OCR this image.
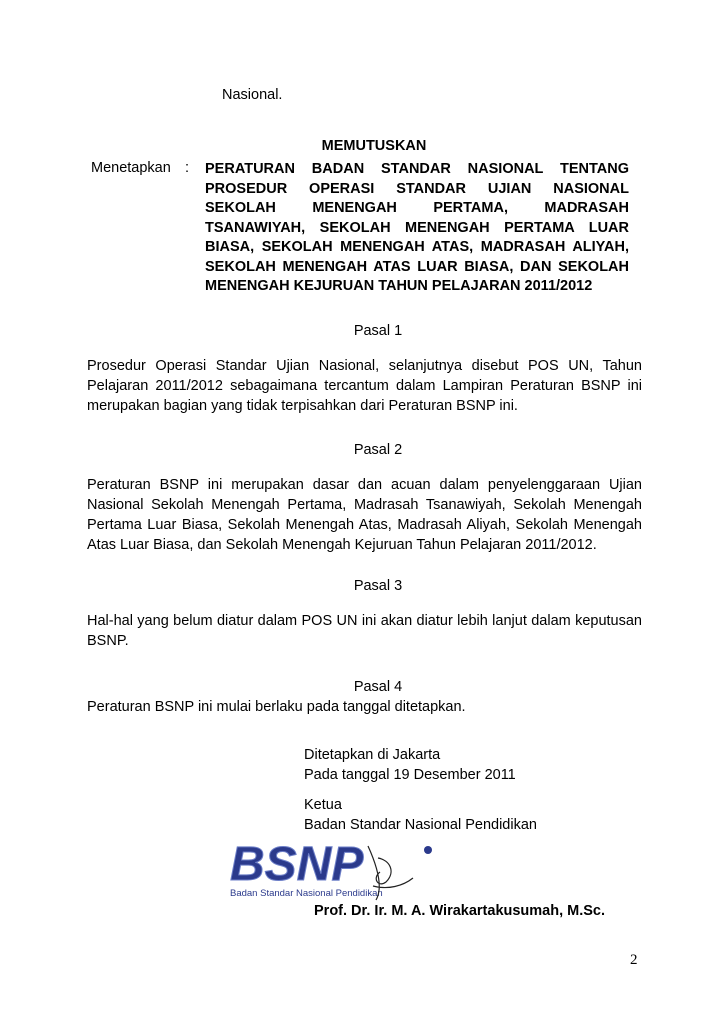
Nasional.
MEMUTUSKAN
Menetapkan : PERATURAN BADAN STANDAR NASIONAL TENTANG PROSEDUR OPERASI STANDAR UJIAN NASIONAL SEKOLAH MENENGAH PERTAMA, MADRASAH TSANAWIYAH, SEKOLAH MENENGAH PERTAMA LUAR BIASA, SEKOLAH MENENGAH ATAS, MADRASAH ALIYAH, SEKOLAH MENENGAH ATAS LUAR BIASA, DAN SEKOLAH MENENGAH KEJURUAN TAHUN PELAJARAN 2011/2012
Pasal 1
Prosedur Operasi Standar Ujian Nasional, selanjutnya disebut POS UN, Tahun Pelajaran 2011/2012 sebagaimana tercantum dalam Lampiran Peraturan BSNP ini merupakan bagian yang tidak terpisahkan dari Peraturan BSNP ini.
Pasal 2
Peraturan BSNP ini merupakan dasar dan acuan dalam penyelenggaraan Ujian Nasional Sekolah Menengah Pertama, Madrasah Tsanawiyah, Sekolah Menengah Pertama Luar Biasa, Sekolah Menengah Atas, Madrasah Aliyah, Sekolah Menengah Atas Luar Biasa, dan Sekolah Menengah Kejuruan Tahun Pelajaran 2011/2012.
Pasal 3
Hal-hal yang belum diatur dalam POS UN ini akan diatur lebih lanjut dalam keputusan BSNP.
Pasal 4
Peraturan BSNP ini mulai berlaku pada tanggal ditetapkan.
Ditetapkan di Jakarta
Pada tanggal 19 Desember 2011
Ketua
Badan Standar Nasional Pendidikan
BSNP
Badan Standar Nasional Pendidikan
Prof. Dr. Ir. M. A. Wirakartakusumah, M.Sc.
2
